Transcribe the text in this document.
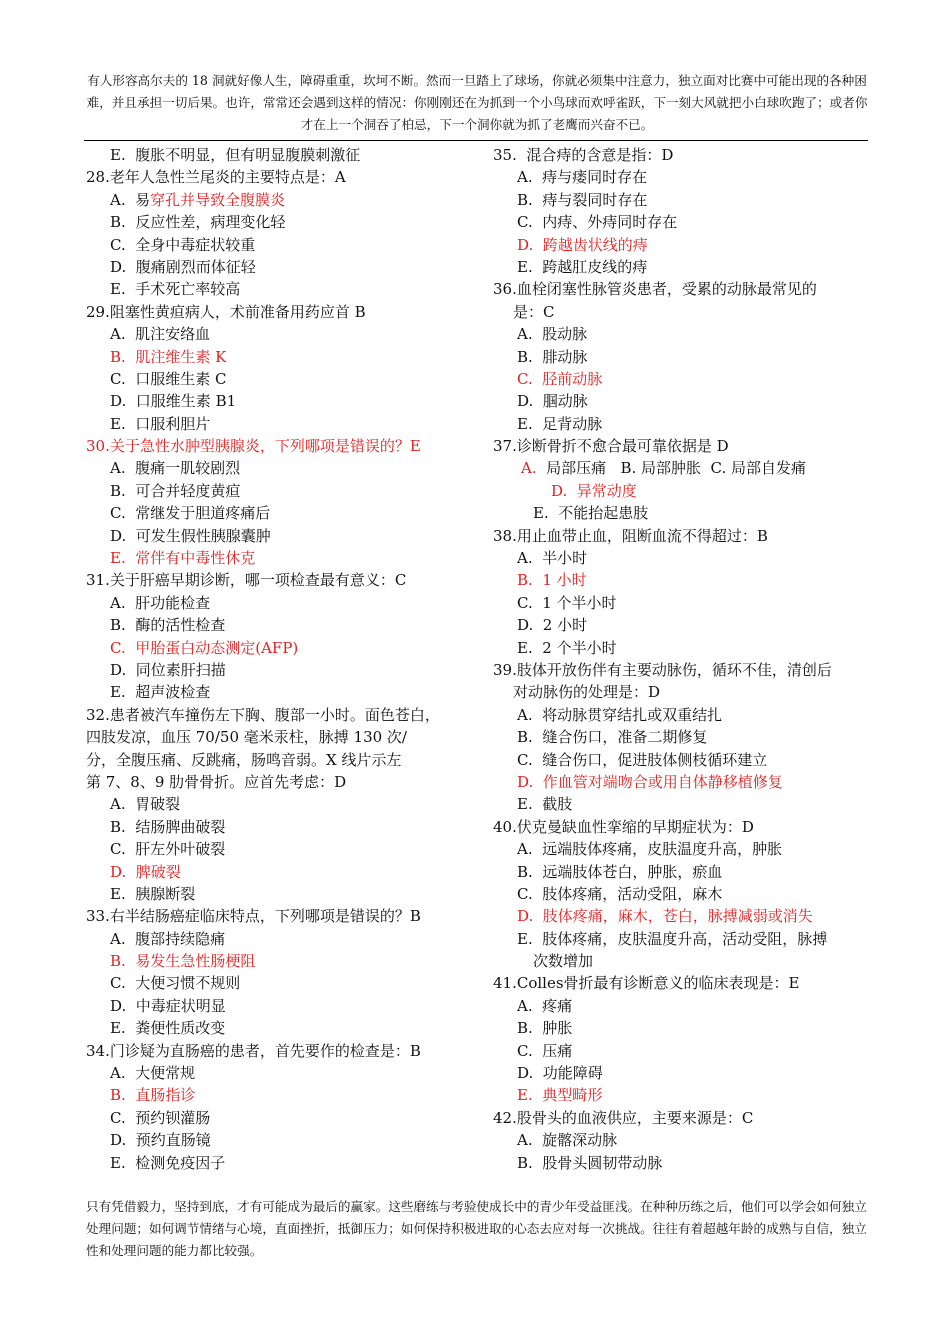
有人形容高尔夫的 18 洞就好像人生，障碍重重，坎坷不断。然而一旦踏上了球场，你就必须集中注意力，独立面对比赛中可能出现的各种困难，并且承担一切后果。也许，常常还会遇到这样的情况：你刚刚还在为抓到一个小鸟球而欢呼雀跃，下一刻大风就把小白球吹跑了；或者你才在上一个洞吞了柏忌，下一个洞你就为抓了老鹰而兴奋不已。
E.  腹胀不明显，但有明显腹膜刺激征
28.老年人急性兰尾炎的主要特点是：A
A.  易穿孔并导致全腹膜炎
B.  反应性差，病理变化轻
C.  全身中毒症状较重
D.  腹痛剧烈而体征轻
E.  手术死亡率较高
29.阻塞性黄疸病人，术前准备用药应首 B
A.  肌注安络血
B.  肌注维生素 K
C.  口服维生素 C
D.  口服维生素 B1
E.  口服利胆片
30.关于急性水肿型胰腺炎，下列哪项是错误的？E
A.  腹痛一肌较剧烈
B.  可合并轻度黄疸
C.  常继发于胆道疼痛后
D.  可发生假性胰腺囊肿
E.  常伴有中毒性休克
31.关于肝癌早期诊断，哪一项检查最有意义：C
A.  肝功能检查
B.  酶的活性检查
C.  甲胎蛋白动态测定(AFP)
D.  同位素肝扫描
E.  超声波检查
32.患者被汽车撞伤左下胸、腹部一小时。面色苍白，
四肢发凉，血压 70/50 毫米汞柱，脉搏 130 次/
分，全腹压痛、反跳痛，肠鸣音弱。X 线片示左
第 7、8、9 肋骨骨折。应首先考虑：D
A.  胃破裂
B.  结肠脾曲破裂
C.  肝左外叶破裂
D.  脾破裂
E.  胰腺断裂
33.右半结肠癌症临床特点，下列哪项是错误的？B
A.  腹部持续隐痛
B.  易发生急性肠梗阻
C.  大便习惯不规则
D.  中毒症状明显
E.  粪便性质改变
34.门诊疑为直肠癌的患者，首先要作的检查是：B
A.  大便常规
B.  直肠指诊
C.  预约钡灌肠
D.  预约直肠镜
E.  检测免疫因子
35.  混合痔的含意是指：D
A.  痔与瘘同时存在
B.  痔与裂同时存在
C.  内痔、外痔同时存在
D.  跨越齿状线的痔
E.  跨越肛皮线的痔
36.血栓闭塞性脉管炎患者，受累的动脉最常见的
是：C
A.  股动脉
B.  腓动脉
C.  胫前动脉
D.  腘动脉
E.  足背动脉
37.诊断骨折不愈合最可靠依据是 D
A.  局部压痛   B. 局部肿胀  C. 局部自发痛
D.  异常动度
E.  不能抬起患肢
38.用止血带止血，阻断血流不得超过：B
A.  半小时
B.  1 小时
C.  1 个半小时
D.  2 小时
E.  2 个半小时
39.肢体开放伤伴有主要动脉伤，循环不佳，清创后
对动脉伤的处理是：D
A.  将动脉贯穿结扎或双重结扎
B.  缝合伤口，准备二期修复
C.  缝合伤口，促进肢体侧枝循环建立
D.  作血管对端吻合或用自体静移植修复
E.  截肢
40.伏克曼缺血性挛缩的早期症状为：D
A.  远端肢体疼痛，皮肤温度升高，肿胀
B.  远端肢体苍白，肿胀，瘀血
C.  肢体疼痛，活动受阻，麻木
D.  肢体疼痛，麻木，苍白，脉搏减弱或消失
E.  肢体疼痛，皮肤温度升高，活动受阻，脉搏
次数增加
41.Colles骨折最有诊断意义的临床表现是：E
A.  疼痛
B.  肿胀
C.  压痛
D.  功能障碍
E.  典型畸形
42.股骨头的血液供应，主要来源是：C
A.  旋髂深动脉
B.  股骨头圆韧带动脉
只有凭借毅力，坚持到底，才有可能成为最后的赢家。这些磨练与考验使成长中的青少年受益匪浅。在种种历练之后，他们可以学会如何独立处理问题；如何调节情绪与心境，直面挫折，抵御压力；如何保持积极进取的心态去应对每一次挑战。往往有着超越年龄的成熟与自信，独立性和处理问题的能力都比较强。
